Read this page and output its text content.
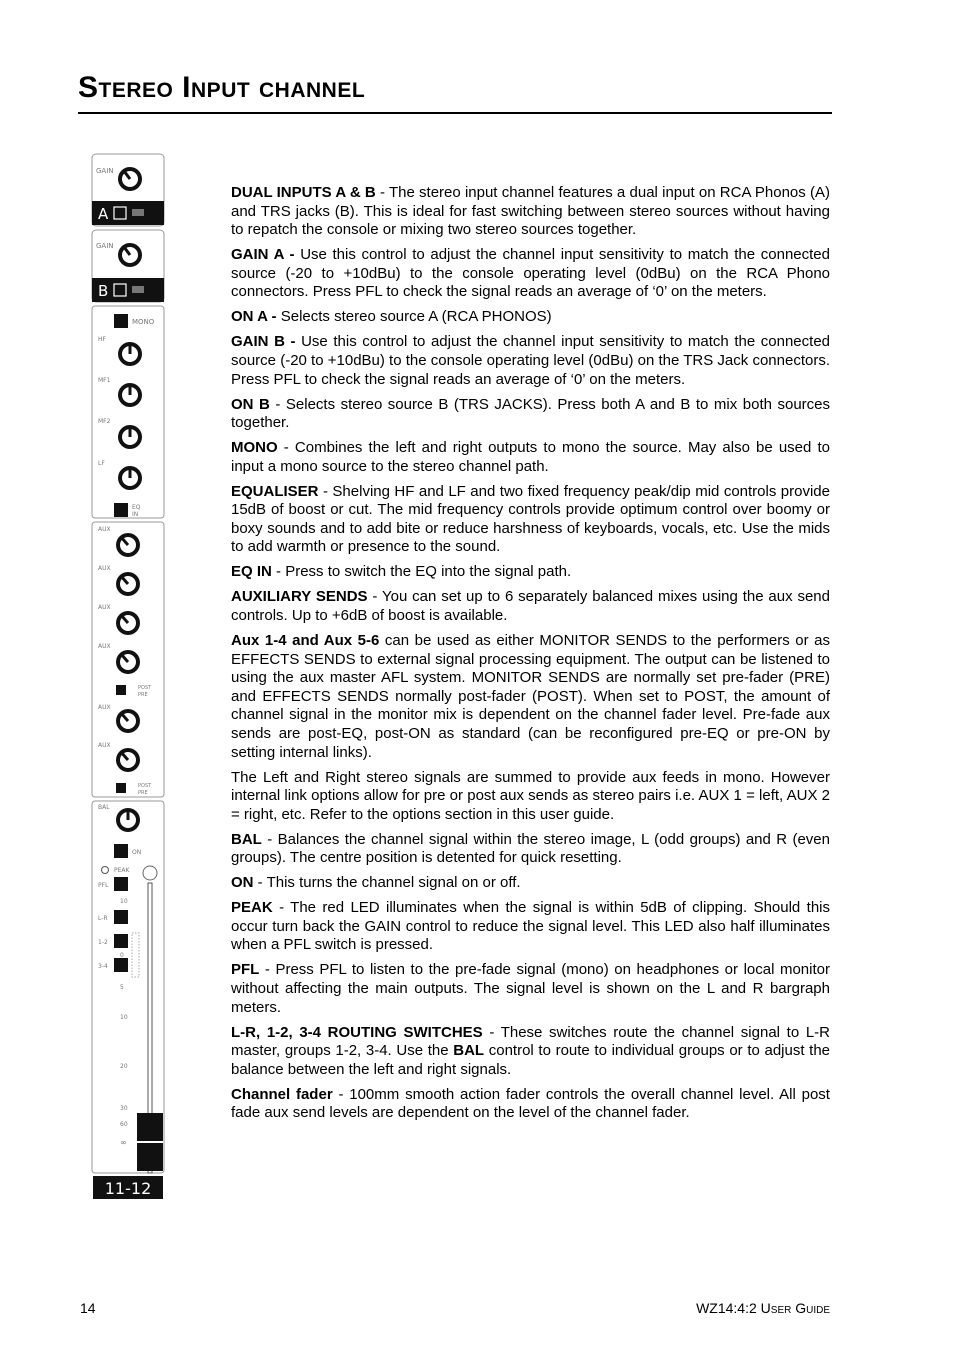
Stereo Input channel
GAIN
A
GAIN
B
MONO
HF
MF1
MF2
LF
EQ
IN
AUX
AUX
AUX
AUX
POST
PRE
AUX
AUX
POST
PRE
BAL
ON
PEAK
PFL
10
L-R
1-2
3-4
0
5
10
20
30
60
∞
11-12

DUAL INPUTS A & B - The stereo input channel features a dual input on RCA Phonos (A) and TRS jacks (B). This is ideal for fast switching between stereo sources without having to repatch the console or mixing two stereo sources together.

GAIN A - Use this control to adjust the channel input sensitivity to match the connected source (-20 to +10dBu) to the console operating level (0dBu) on the RCA Phono connectors. Press PFL to check the signal reads an average of ‘0’ on the meters.

ON A - Selects stereo source A (RCA PHONOS)

GAIN B - Use this control to adjust the channel input sensitivity to match the connected source (-20 to +10dBu) to the console operating level (0dBu) on the TRS Jack connectors. Press PFL to check the signal reads an average of ‘0’ on the meters.

ON B - Selects stereo source B (TRS JACKS). Press both A and B to mix both sources together.

MONO - Combines the left and right outputs to mono the source. May also be used to input a mono source to the stereo channel path.

EQUALISER - Shelving HF and LF and two fixed frequency peak/dip mid controls provide 15dB of boost or cut. The mid frequency controls provide optimum control over boomy or boxy sounds and to add bite or reduce harshness of keyboards, vocals, etc. Use the mids to add warmth or presence to the sound.

EQ IN - Press to switch the EQ into the signal path.

AUXILIARY SENDS - You can set up to 6 separately balanced mixes using the aux send controls. Up to +6dB of boost is available.

Aux 1-4 and Aux 5-6 can be used as either MONITOR SENDS to the performers or as EFFECTS SENDS to external signal processing equipment. The output can be listened to using the aux master AFL system. MONITOR SENDS are normally set pre-fader (PRE) and EFFECTS SENDS normally post-fader (POST). When set to POST, the amount of channel signal in the monitor mix is dependent on the channel fader level. Pre-fade aux sends are post-EQ, post-ON as standard (can be reconfigured pre-EQ or pre-ON by setting internal links).

The Left and Right stereo signals are summed to provide aux feeds in mono. However internal link options allow for pre or post aux sends as stereo pairs i.e. AUX 1 = left, AUX 2 = right, etc. Refer to the options section in this user guide.

BAL - Balances the channel signal within the stereo image, L (odd groups) and R (even groups). The centre position is detented for quick resetting.

ON - This turns the channel signal on or off.

PEAK - The red LED illuminates when the signal is within 5dB of clipping. Should this occur turn back the GAIN control to reduce the signal level. This LED also half illuminates when a PFL switch is pressed.

PFL - Press PFL to listen to the pre-fade signal (mono) on headphones or local monitor without affecting the main outputs. The signal level is shown on the L and R bargraph meters.

L-R, 1-2, 3-4 ROUTING SWITCHES - These switches route the channel signal to L-R master, groups 1-2, 3-4. Use the BAL control to route to individual groups or to adjust the balance between the left and right signals.

Channel fader - 100mm smooth action fader controls the overall channel level. All post fade aux send levels are dependent on the level of the channel fader.

14	WZ14:4:2 User Guide
